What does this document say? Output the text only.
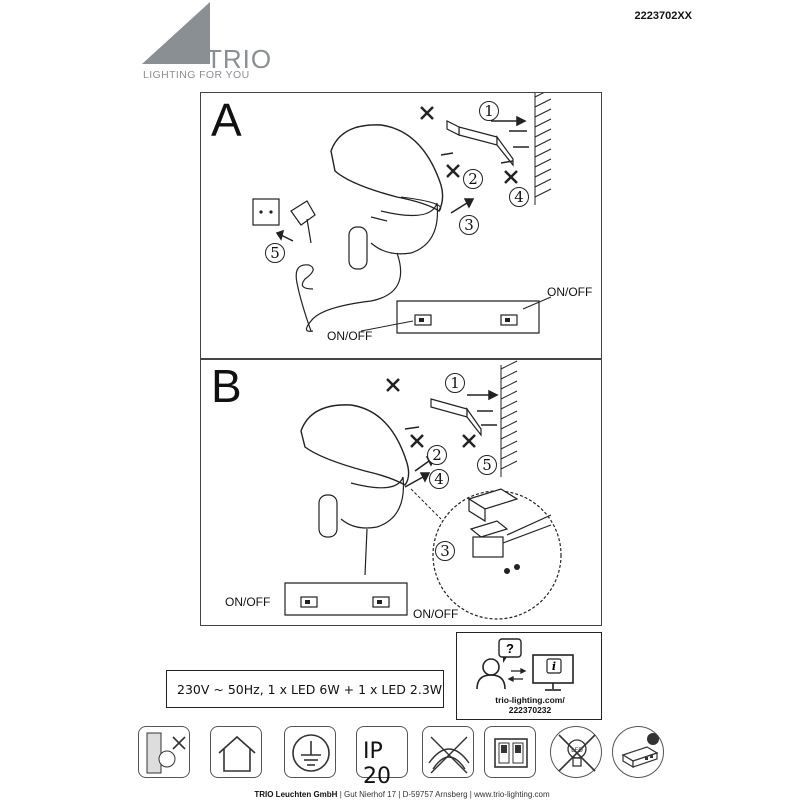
TRIO
LIGHTING FOR YOU
2223702XX
A	1
2
3
4
5
ON/OFF
ON/OFF
B	1
2
3
4
5
ON/OFF
ON/OFF
230V ~ 50Hz, 1 x LED 6W + 1 x LED 2.3W
?
i
trio-lighting.com/
222370232
IP 20
LED
TRIO Leuchten GmbH | Gut Nierhof 17 | D-59757 Arnsberg | www.trio-lighting.com
